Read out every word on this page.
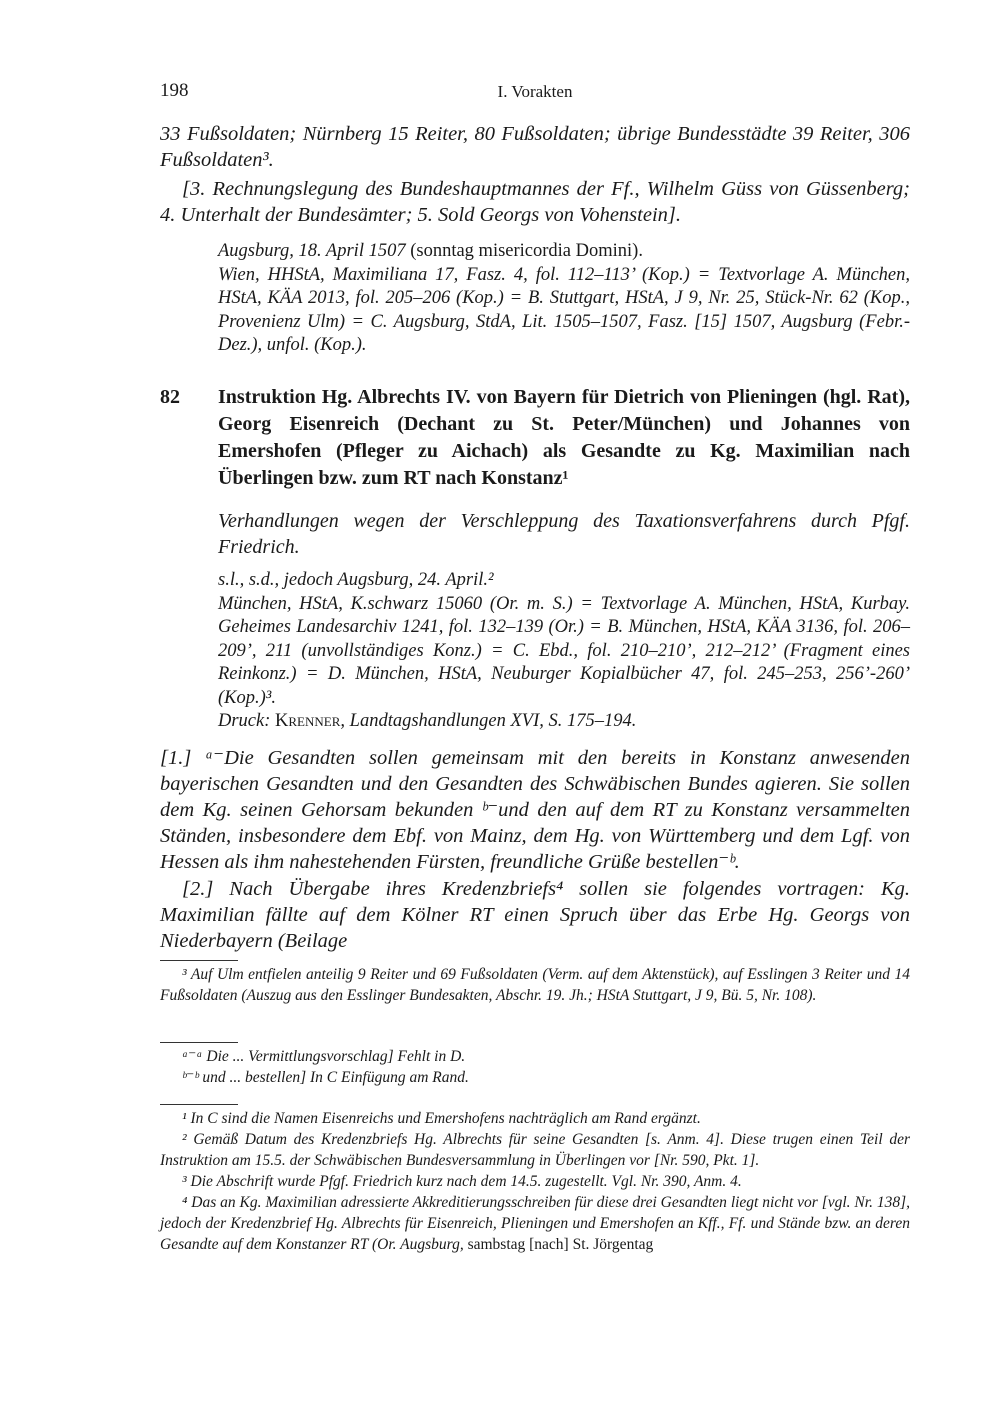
198	I. Vorakten
33 Fußsoldaten; Nürnberg 15 Reiter, 80 Fußsoldaten; übrige Bundesstädte 39 Reiter, 306 Fußsoldaten³.
[3. Rechnungslegung des Bundeshauptmannes der Ff., Wilhelm Güss von Güssenberg; 4. Unterhalt der Bundesämter; 5. Sold Georgs von Vohenstein].

Augsburg, 18. April 1507 (sonntag misericordia Domini).

Wien, HHStA, Maximiliana 17, Fasz. 4, fol. 112–113’ (Kop.) = Textvorlage A. München, HStA, KÄA 2013, fol. 205–206 (Kop.) = B. Stuttgart, HStA, J 9, Nr. 25, Stück-Nr. 62 (Kop., Provenienz Ulm) = C. Augsburg, StdA, Lit. 1505–1507, Fasz. [15] 1507, Augsburg (Febr.-Dez.), unfol. (Kop.).

82 Instruktion Hg. Albrechts IV. von Bayern für Dietrich von Plieningen (hgl. Rat), Georg Eisenreich (Dechant zu St. Peter/München) und Johannes von Emershofen (Pfleger zu Aichach) als Gesandte zu Kg. Maximilian nach Überlingen bzw. zum RT nach Konstanz¹
Verhandlungen wegen der Verschleppung des Taxationsverfahrens durch Pfgf. Friedrich.

s.l., s.d., jedoch Augsburg, 24. April.²

München, HStA, K.schwarz 15060 (Or. m. S.) = Textvorlage A. München, HStA, Kurbay. Geheimes Landesarchiv 1241, fol. 132–139 (Or.) = B. München, HStA, KÄA 3136, fol. 206–209’, 211 (unvollständiges Konz.) = C. Ebd., fol. 210–210’, 212–212’ (Fragment eines Reinkonz.) = D. München, HStA, Neuburger Kopialbücher 47, fol. 245–253, 256’-260’ (Kop.)³.

Druck: Krenner, Landtagshandlungen XVI, S. 175–194.

[1.] ᵃ⁻Die Gesandten sollen gemeinsam mit den bereits in Konstanz anwesenden bayerischen Gesandten und den Gesandten des Schwäbischen Bundes agieren. Sie sollen dem Kg. seinen Gehorsam bekunden ᵇ⁻und den auf dem RT zu Konstanz versammelten Ständen, insbesondere dem Ebf. von Mainz, dem Hg. von Württemberg und dem Lgf. von Hessen als ihm nahestehenden Fürsten, freundliche Grüße bestellen⁻ᵇ.
[2.] Nach Übergabe ihres Kredenzbriefs⁴ sollen sie folgendes vortragen: Kg. Maximilian fällte auf dem Kölner RT einen Spruch über das Erbe Hg. Georgs von Niederbayern (Beilage

³ Auf Ulm entfielen anteilig 9 Reiter und 69 Fußsoldaten (Verm. auf dem Aktenstück), auf Esslingen 3 Reiter und 14 Fußsoldaten (Auszug aus den Esslinger Bundesakten, Abschr. 19. Jh.; HStA Stuttgart, J 9, Bü. 5, Nr. 108).

ᵃ⁻ᵃ Die ... Vermittlungsvorschlag] Fehlt in D.

ᵇ⁻ᵇ und ... bestellen] In C Einfügung am Rand.

¹ In C sind die Namen Eisenreichs und Emershofens nachträglich am Rand ergänzt.

² Gemäß Datum des Kredenzbriefs Hg. Albrechts für seine Gesandten [s. Anm. 4]. Diese trugen einen Teil der Instruktion am 15.5. der Schwäbischen Bundesversammlung in Überlingen vor [Nr. 590, Pkt. 1].

³ Die Abschrift wurde Pfgf. Friedrich kurz nach dem 14.5. zugestellt. Vgl. Nr. 390, Anm. 4.

⁴ Das an Kg. Maximilian adressierte Akkreditierungsschreiben für diese drei Gesandten liegt nicht vor [vgl. Nr. 138], jedoch der Kredenzbrief Hg. Albrechts für Eisenreich, Plieningen und Emershofen an Kff., Ff. und Stände bzw. an deren Gesandte auf dem Konstanzer RT (Or. Augsburg, sambstag [nach] St. Jörgentag
